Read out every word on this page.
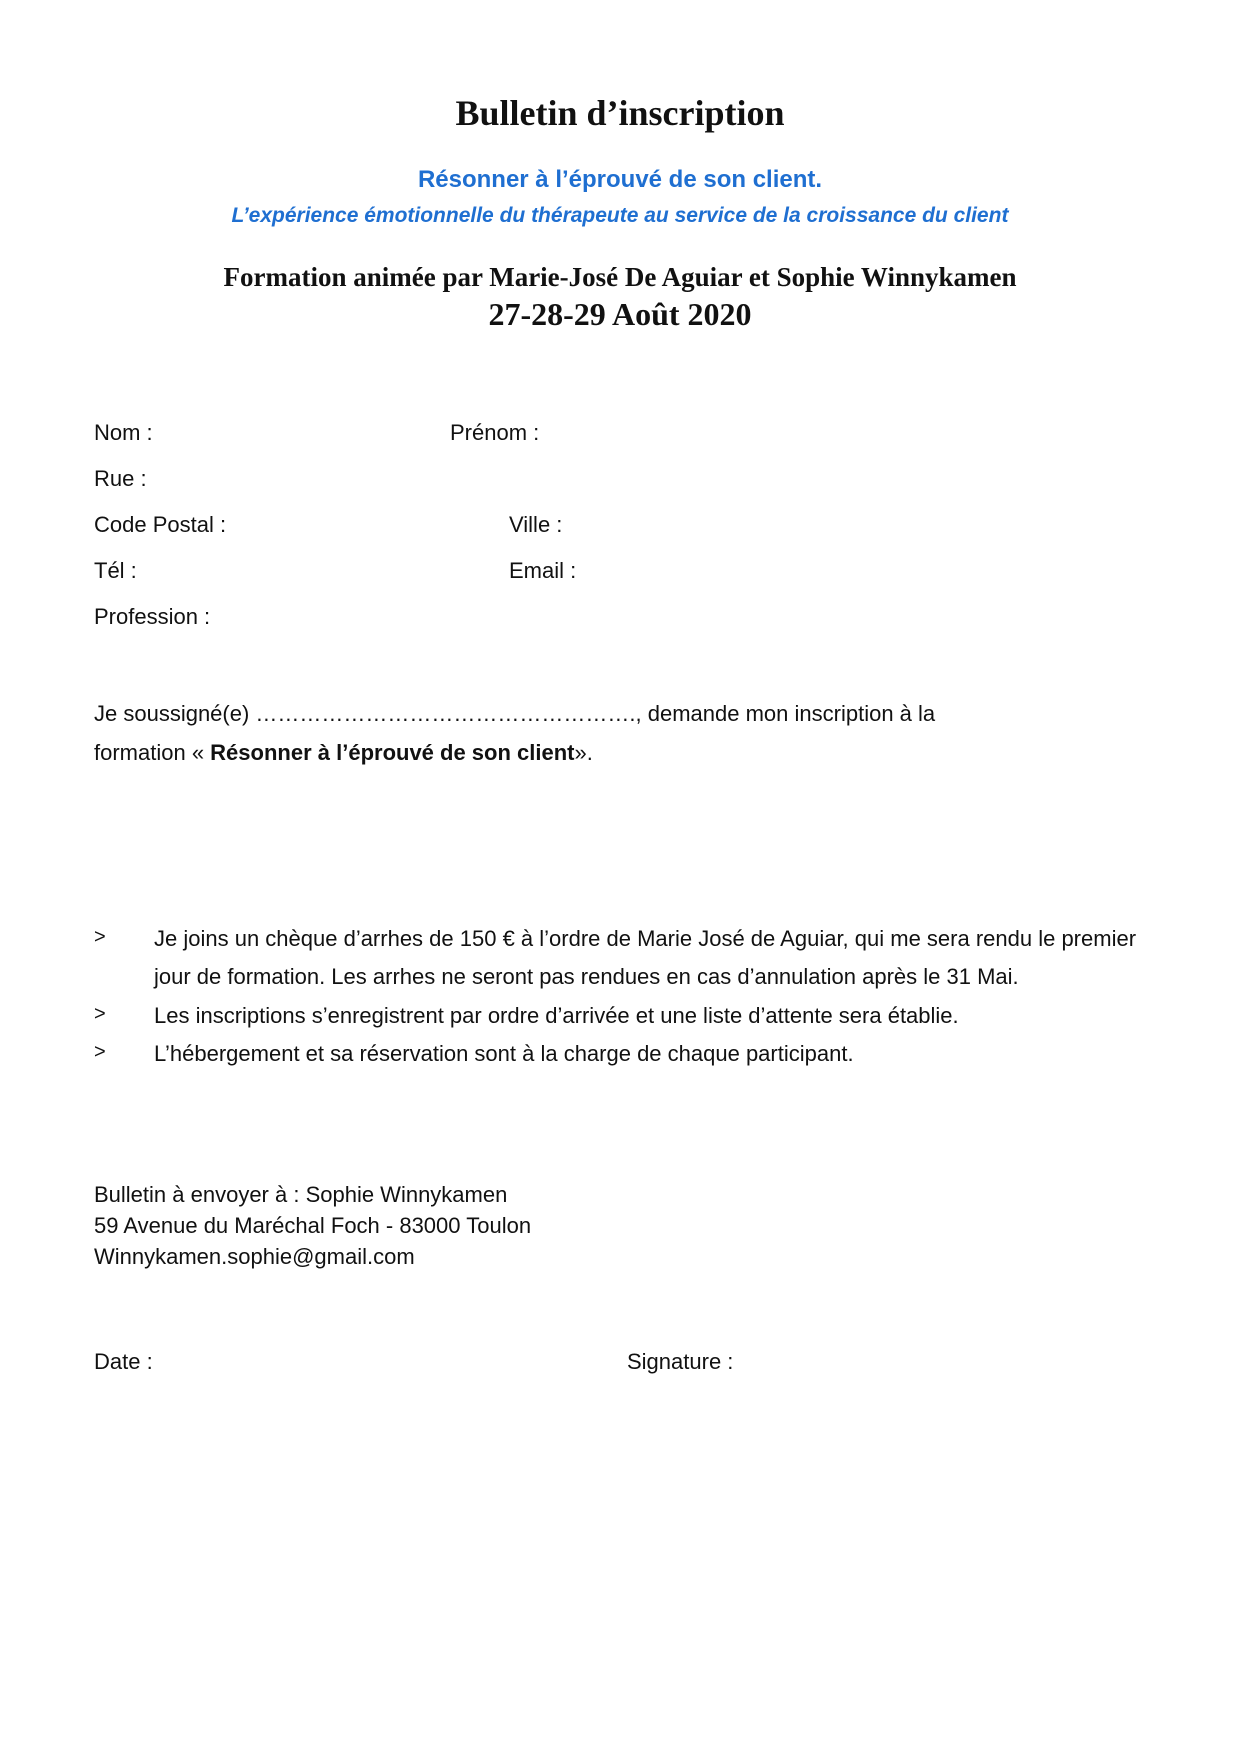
Bulletin d’inscription
Résonner à l’éprouvé de son client.
L’expérience émotionnelle du thérapeute au service de la croissance du client
Formation animée par Marie-José De Aguiar et Sophie Winnykamen
27-28-29 Août 2020
Nom :	Prénom :
Rue :
Code Postal :	Ville :
Tél :	Email :
Profession :
Je soussigné(e) ……………………………………………., demande mon inscription à la
formation « Résonner à l’éprouvé de son client».
> Je joins un chèque d’arrhes de 150 € à l’ordre de Marie José de Aguiar, qui me sera rendu le premier jour de formation. Les arrhes ne seront pas rendues en cas d’annulation après le 31 Mai.
> Les inscriptions s’enregistrent par ordre d’arrivée et une liste d’attente sera établie.
> L’hébergement et sa réservation sont à la charge de chaque participant.
Bulletin à envoyer à : Sophie Winnykamen
59 Avenue du Maréchal Foch - 83000 Toulon
Winnykamen.sophie@gmail.com
Date :	Signature :
